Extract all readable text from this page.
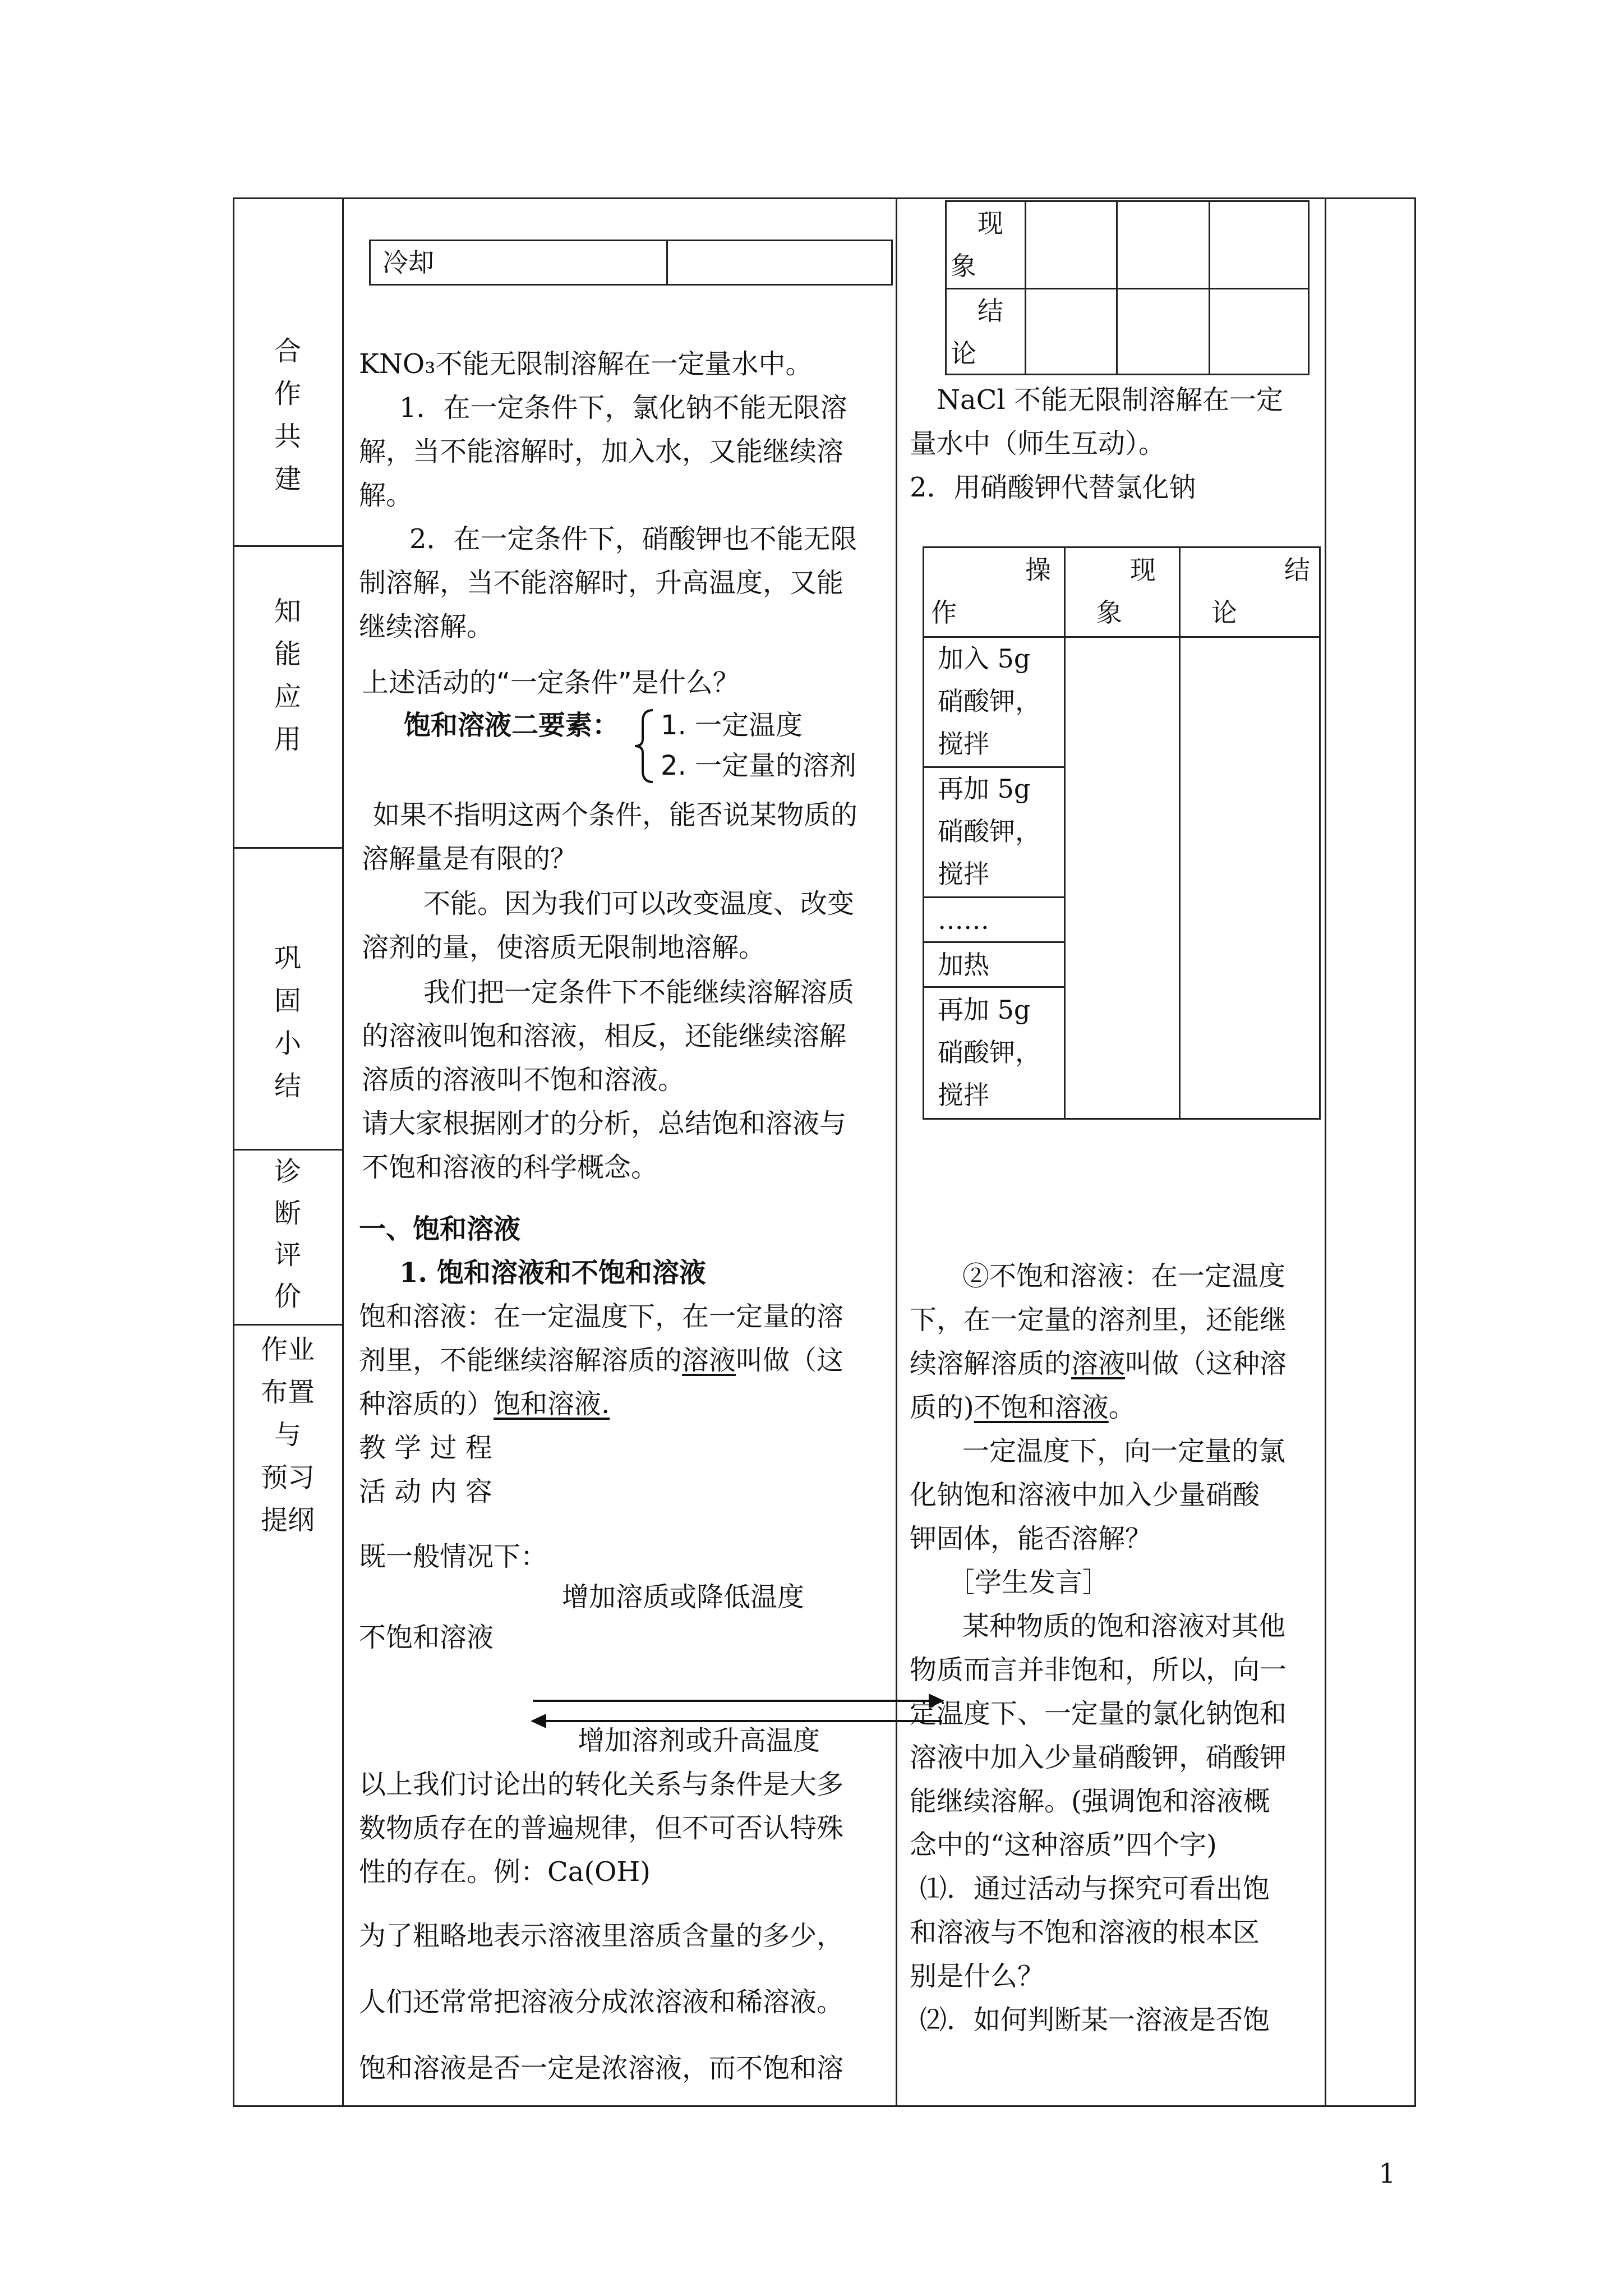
合
作
共
建
知
能
应
用
巩
固
小
结
诊
断
评
价
作业
布置
与
预习
提纲
冷却
KNO₃不能无限制溶解在一定量水中。
1．在一定条件下，氯化钠不能无限溶
解，当不能溶解时，加入水，又能继续溶
解。
2．在一定条件下，硝酸钾也不能无限
制溶解，当不能溶解时，升高温度，又能
继续溶解。
上述活动的“一定条件”是什么？
饱和溶液二要素： 1. 一定温度
2. 一定量的溶剂
如果不指明这两个条件，能否说某物质的
溶解量是有限的？
不能。因为我们可以改变温度、改变
溶剂的量，使溶质无限制地溶解。
我们把一定条件下不能继续溶解溶质
的溶液叫饱和溶液，相反，还能继续溶解
溶质的溶液叫不饱和溶液。
请大家根据刚才的分析，总结饱和溶液与
不饱和溶液的科学概念。
一、饱和溶液
1. 饱和溶液和不饱和溶液
饱和溶液：在一定温度下，在一定量的溶
剂里，不能继续溶解溶质的溶液叫做（这
种溶质的）饱和溶液.
教 学 过 程
活 动 内 容
既一般情况下：
增加溶质或降低温度
不饱和溶液
增加溶剂或升高温度
以上我们讨论出的转化关系与条件是大多
数物质存在的普遍规律，但不可否认特殊
性的存在。例：Ca(OH)
为了粗略地表示溶液里溶质含量的多少，
人们还常常把溶液分成浓溶液和稀溶液。
饱和溶液是否一定是浓溶液，而不饱和溶
现象
结论
NaCl 不能无限制溶解在一定
量水中（师生互动）。
2．用硝酸钾代替氯化钠
操作
现象
结论
加入 5g 硝酸钾，搅拌
再加 5g 硝酸钾，搅拌
……
加热
再加 5g 硝酸钾，搅拌
②不饱和溶液：在一定温度
下，在一定量的溶剂里，还能继
续溶解溶质的溶液叫做（这种溶
质的)不饱和溶液。
一定温度下，向一定量的氯
化钠饱和溶液中加入少量硝酸
钾固体，能否溶解？
［学生发言］
某种物质的饱和溶液对其他
物质而言并非饱和，所以，向一
定温度下、一定量的氯化钠饱和
溶液中加入少量硝酸钾，硝酸钾
能继续溶解。(强调饱和溶液概
念中的“这种溶质”四个字)
⑴．通过活动与探究可看出饱
和溶液与不饱和溶液的根本区
别是什么？
⑵．如何判断某一溶液是否饱
1
